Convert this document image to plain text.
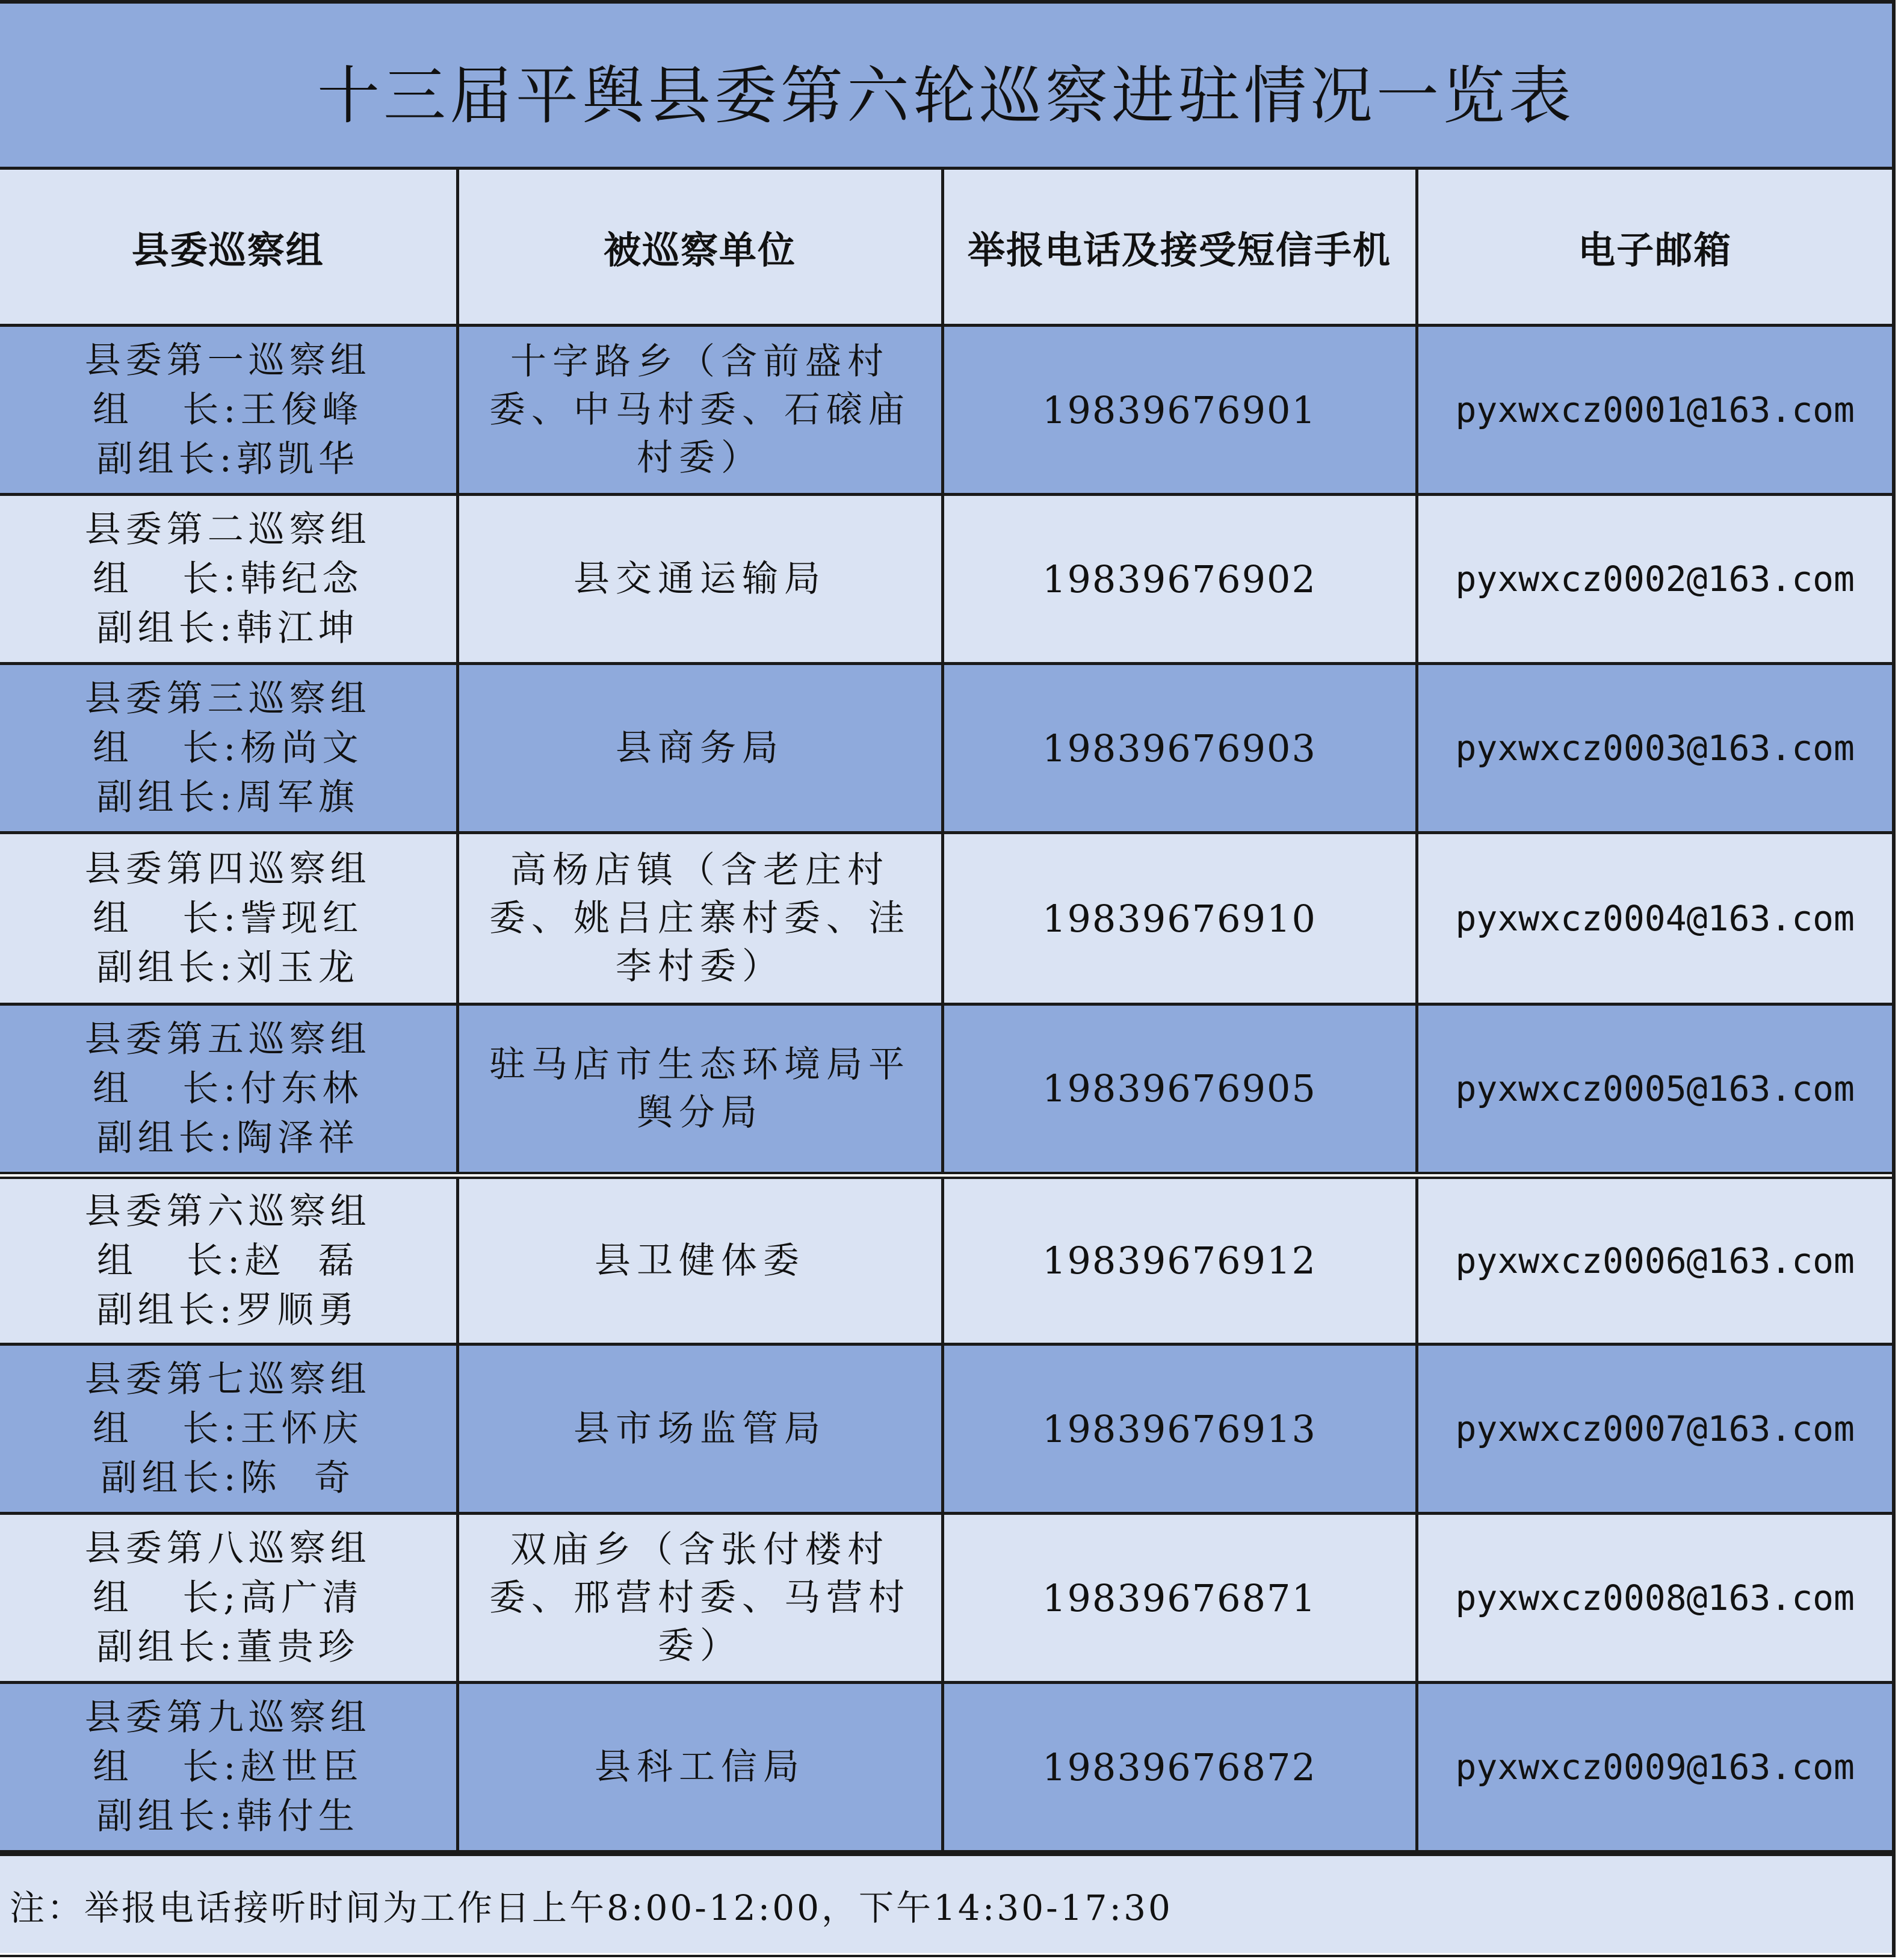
十三届平舆县委第六轮巡察进驻情况一览表
县委巡察组	被巡察单位	举报电话及接受短信手机	电子邮箱

县委第一巡察组
组   长:王俊峰
副组长:郭凯华	十字路乡（含前盛村委、中马村委、石磙庙村委）	19839676901	pyxwxcz0001@163.com

县委第二巡察组
组   长:韩纪念
副组长:韩江坤	县交通运输局	19839676902	pyxwxcz0002@163.com

县委第三巡察组
组   长:杨尚文
副组长:周军旗	县商务局	19839676903	pyxwxcz0003@163.com

县委第四巡察组
组   长:訾现红
副组长:刘玉龙	高杨店镇（含老庄村委、姚吕庄寨村委、洼李村委）	19839676910	pyxwxcz0004@163.com

县委第五巡察组
组   长:付东林
副组长:陶泽祥	驻马店市生态环境局平舆分局	19839676905	pyxwxcz0005@163.com

县委第六巡察组
组   长:赵  磊
副组长:罗顺勇	县卫健体委	19839676912	pyxwxcz0006@163.com

县委第七巡察组
组   长:王怀庆
副组长:陈  奇	县市场监管局	19839676913	pyxwxcz0007@163.com

县委第八巡察组
组   长;高广清
副组长:董贵珍	双庙乡（含张付楼村委、邢营村委、马营村委）	19839676871	pyxwxcz0008@163.com

县委第九巡察组
组   长:赵世臣
副组长:韩付生	县科工信局	19839676872	pyxwxcz0009@163.com
注：举报电话接听时间为工作日上午8:00-12:00，下午14:30-17:30
